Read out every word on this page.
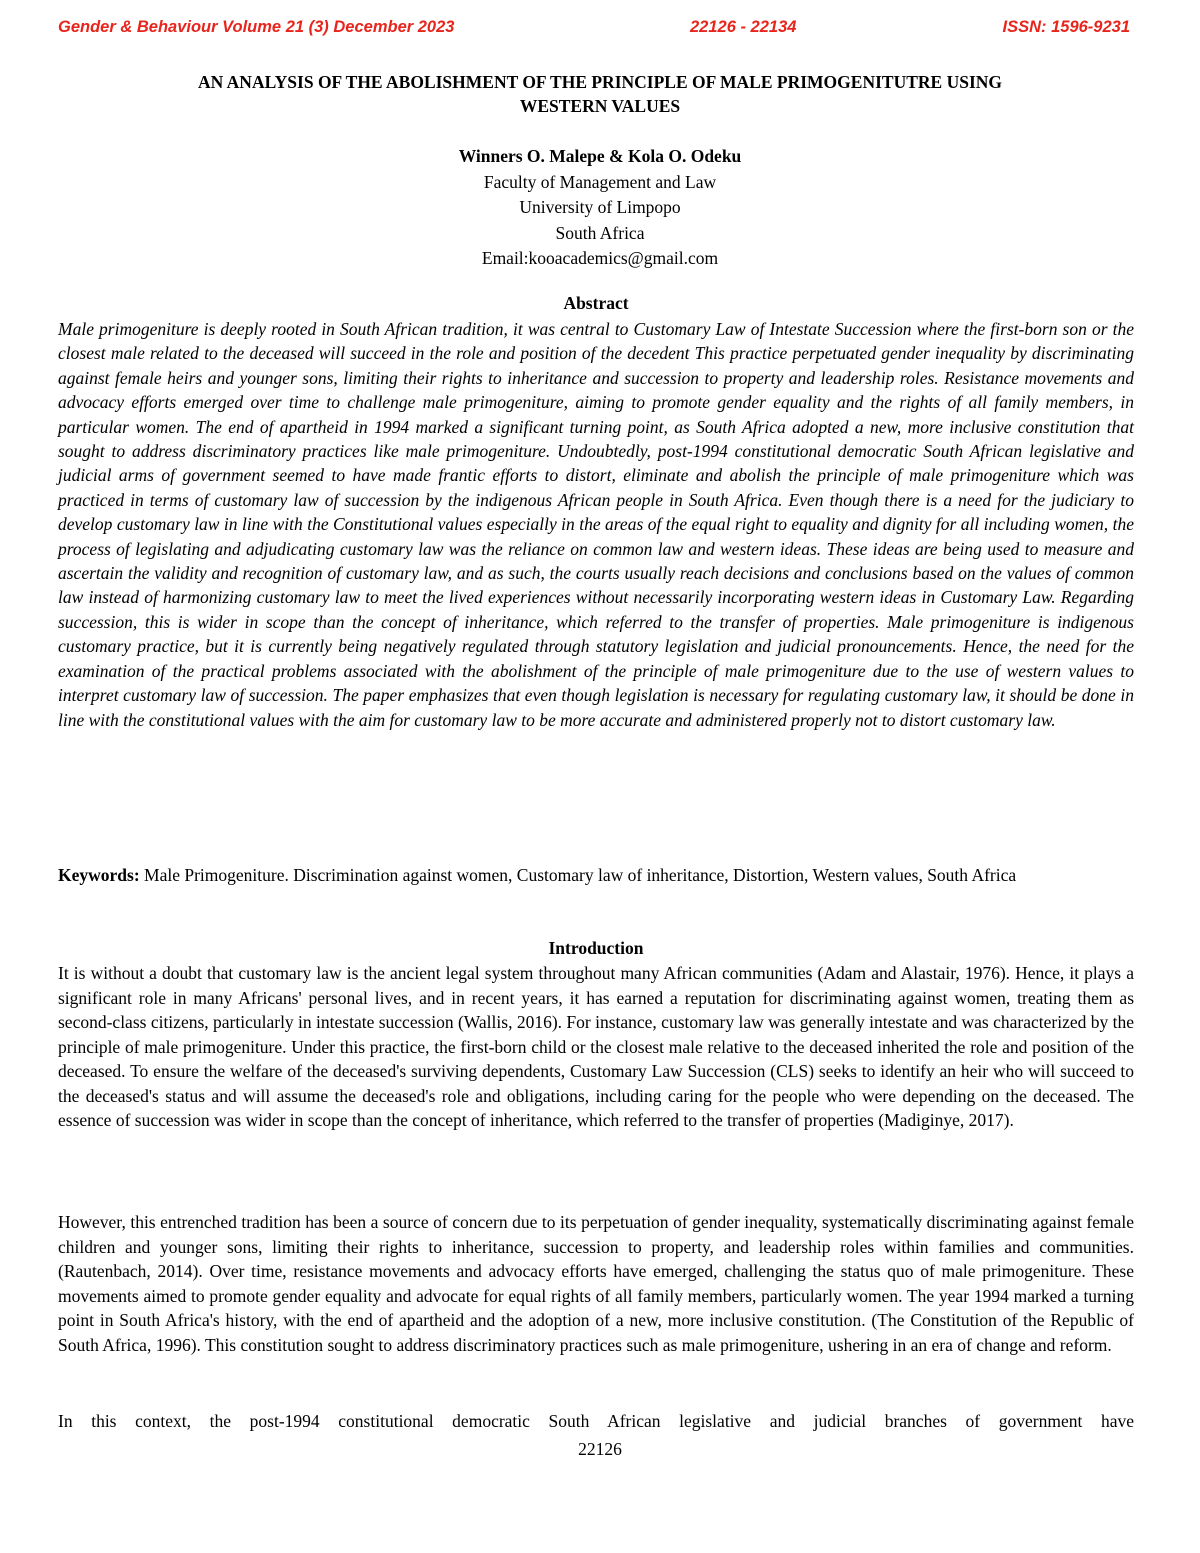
Gender & Behaviour Volume 21 (3) December 2023	22126 - 22134	ISSN: 1596-9231
AN ANALYSIS OF THE ABOLISHMENT OF THE PRINCIPLE OF MALE PRIMOGENITUTRE USING
WESTERN VALUES
Winners O. Malepe & Kola O. Odeku
Faculty of Management and Law
University of Limpopo
South Africa
Email:kooacademics@gmail.com
Abstract

Male primogeniture is deeply rooted in South African tradition, it was central to Customary Law of Intestate Succession where the first-born son or the closest male related to the deceased will succeed in the role and position of the decedent This practice perpetuated gender inequality by discriminating against female heirs and younger sons, limiting their rights to inheritance and succession to property and leadership roles. Resistance movements and advocacy efforts emerged over time to challenge male primogeniture, aiming to promote gender equality and the rights of all family members, in particular women. The end of apartheid in 1994 marked a significant turning point, as South Africa adopted a new, more inclusive constitution that sought to address discriminatory practices like male primogeniture. Undoubtedly, post-1994 constitutional democratic South African legislative and judicial arms of government seemed to have made frantic efforts to distort, eliminate and abolish the principle of male primogeniture which was practiced in terms of customary law of succession by the indigenous African people in South Africa. Even though there is a need for the judiciary to develop customary law in line with the Constitutional values especially in the areas of the equal right to equality and dignity for all including women, the process of legislating and adjudicating customary law was the reliance on common law and western ideas. These ideas are being used to measure and ascertain the validity and recognition of customary law, and as such, the courts usually reach decisions and conclusions based on the values of common law instead of harmonizing customary law to meet the lived experiences without necessarily incorporating western ideas in Customary Law. Regarding succession, this is wider in scope than the concept of inheritance, which referred to the transfer of properties. Male primogeniture is indigenous customary practice, but it is currently being negatively regulated through statutory legislation and judicial pronouncements. Hence, the need for the examination of the practical problems associated with the abolishment of the principle of male primogeniture due to the use of western values to interpret customary law of succession. The paper emphasizes that even though legislation is necessary for regulating customary law, it should be done in line with the constitutional values with the aim for customary law to be more accurate and administered properly not to distort customary law.

Keywords: Male Primogeniture. Discrimination against women, Customary law of inheritance, Distortion, Western values, South Africa

Introduction

It is without a doubt that customary law is the ancient legal system throughout many African communities (Adam and Alastair, 1976). Hence, it plays a significant role in many Africans' personal lives, and in recent years, it has earned a reputation for discriminating against women, treating them as second-class citizens, particularly in intestate succession (Wallis, 2016). For instance, customary law was generally intestate and was characterized by the principle of male primogeniture. Under this practice, the first-born child or the closest male relative to the deceased inherited the role and position of the deceased. To ensure the welfare of the deceased's surviving dependents, Customary Law Succession (CLS) seeks to identify an heir who will succeed to the deceased's status and will assume the deceased's role and obligations, including caring for the people who were depending on the deceased. The essence of succession was wider in scope than the concept of inheritance, which referred to the transfer of properties (Madiginye, 2017).

However, this entrenched tradition has been a source of concern due to its perpetuation of gender inequality, systematically discriminating against female children and younger sons, limiting their rights to inheritance, succession to property, and leadership roles within families and communities. (Rautenbach, 2014). Over time, resistance movements and advocacy efforts have emerged, challenging the status quo of male primogeniture. These movements aimed to promote gender equality and advocate for equal rights of all family members, particularly women. The year 1994 marked a turning point in South Africa's history, with the end of apartheid and the adoption of a new, more inclusive constitution. (The Constitution of the Republic of South Africa, 1996). This constitution sought to address discriminatory practices such as male primogeniture, ushering in an era of change and reform.

In this context, the post-1994 constitutional democratic South African legislative and judicial branches of government have

22126
